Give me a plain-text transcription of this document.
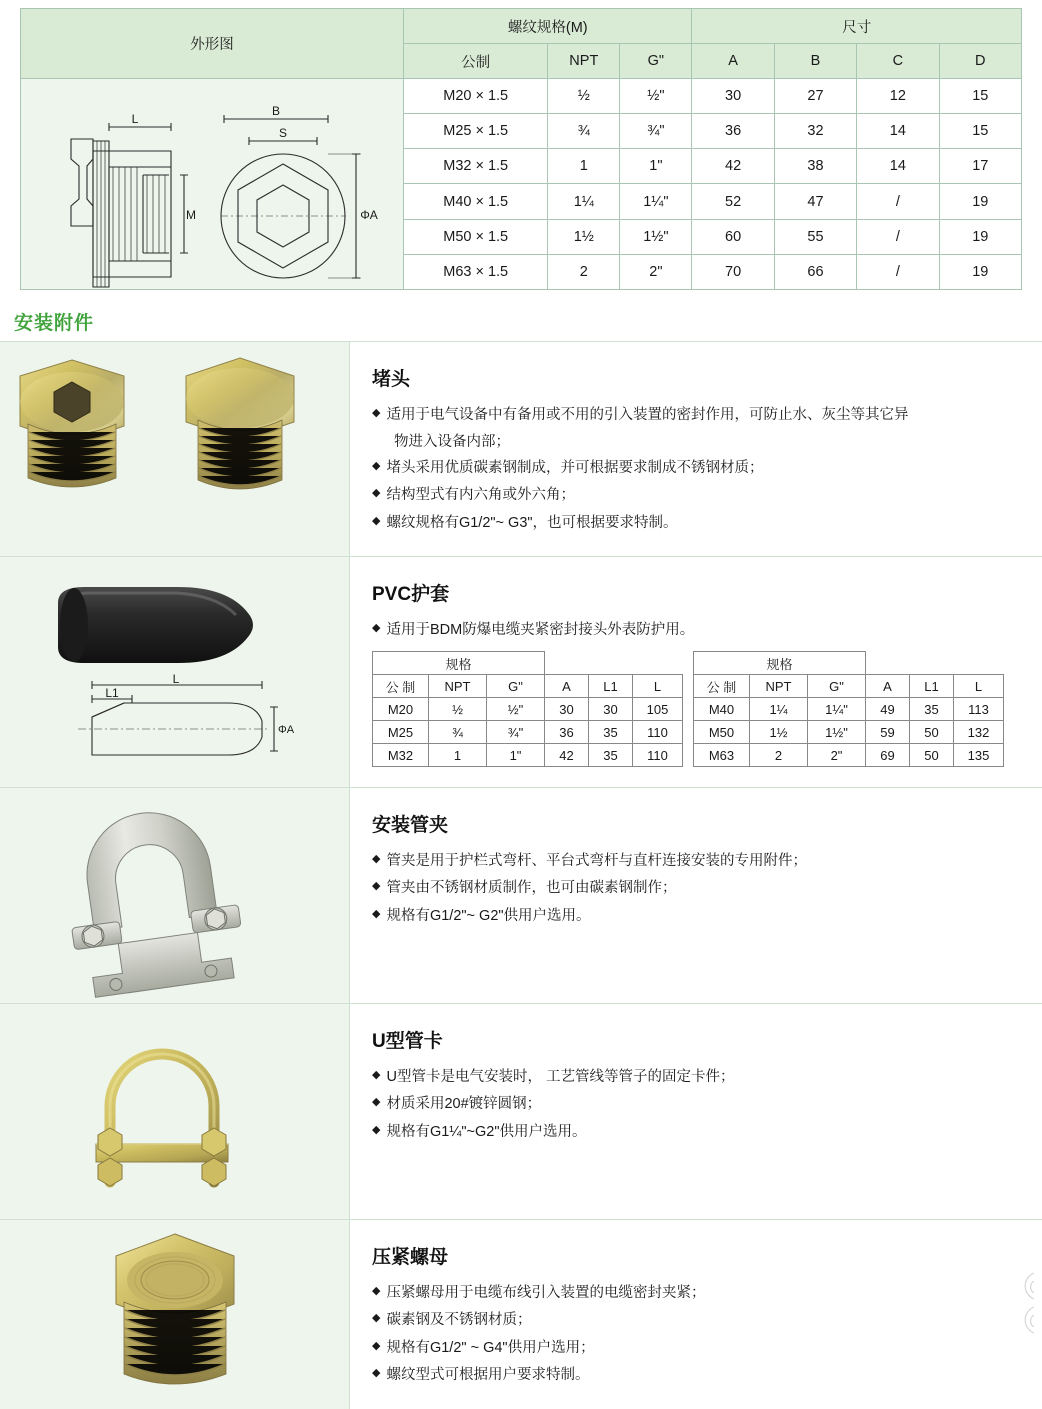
外形图	螺纹规格(M)			尺寸			
	公制	NPT	G"	A	B	C	D

L
M
B
S
ΦA	M20 × 1.5	½	½"	30	27	12	15
	M25 × 1.5	¾	¾"	36	32	14	15
	M32 × 1.5	1	1"	42	38	14	17
	M40 × 1.5	1¼	1¼"	52	47	/	19
	M50 × 1.5	1½	1½"	60	55	/	19
	M63 × 1.5	2	2"	70	66	/	19
安装附件
堵头
◆ 适用于电气设备中有备用或不用的引入装置的密封作用，可防止水、灰尘等其它异
物进入设备内部；
◆ 堵头采用优质碳素钢制成，并可根据要求制成不锈钢材质；
◆ 结构型式有内六角或外六角；
◆ 螺纹规格有G1/2"~ G3"，也可根据要求特制。
L
L1
ΦA
PVC护套
◆ 适用于BDM防爆电缆夹紧密封接头外表防护用。
规格					
公 制	NPT	G"	A	L1	L
M20	½	½"	30	30	105
M25	¾	¾"	36	35	110
M32	1	1"	42	35	110
规格					
公 制	NPT	G"	A	L1	L
M40	1¼	1¼"	49	35	113
M50	1½	1½"	59	50	132
M63	2	2"	69	50	135
安装管夹
◆ 管夹是用于护栏式弯杆、平台式弯杆与直杆连接安装的专用附件；
◆ 管夹由不锈钢材质制作，也可由碳素钢制作；
◆ 规格有G1/2"~ G2"供用户选用。
U型管卡
◆ U型管卡是电气安装时， 工艺管线等管子的固定卡件；
◆ 材质采用20#镀锌圆钢；
◆ 规格有G1¼"~G2"供用户选用。
压紧螺母
◆ 压紧螺母用于电缆布线引入装置的电缆密封夹紧；
◆ 碳素钢及不锈钢材质；
◆ 规格有G1/2" ~ G4"供用户选用；
◆ 螺纹型式可根据用户要求特制。
